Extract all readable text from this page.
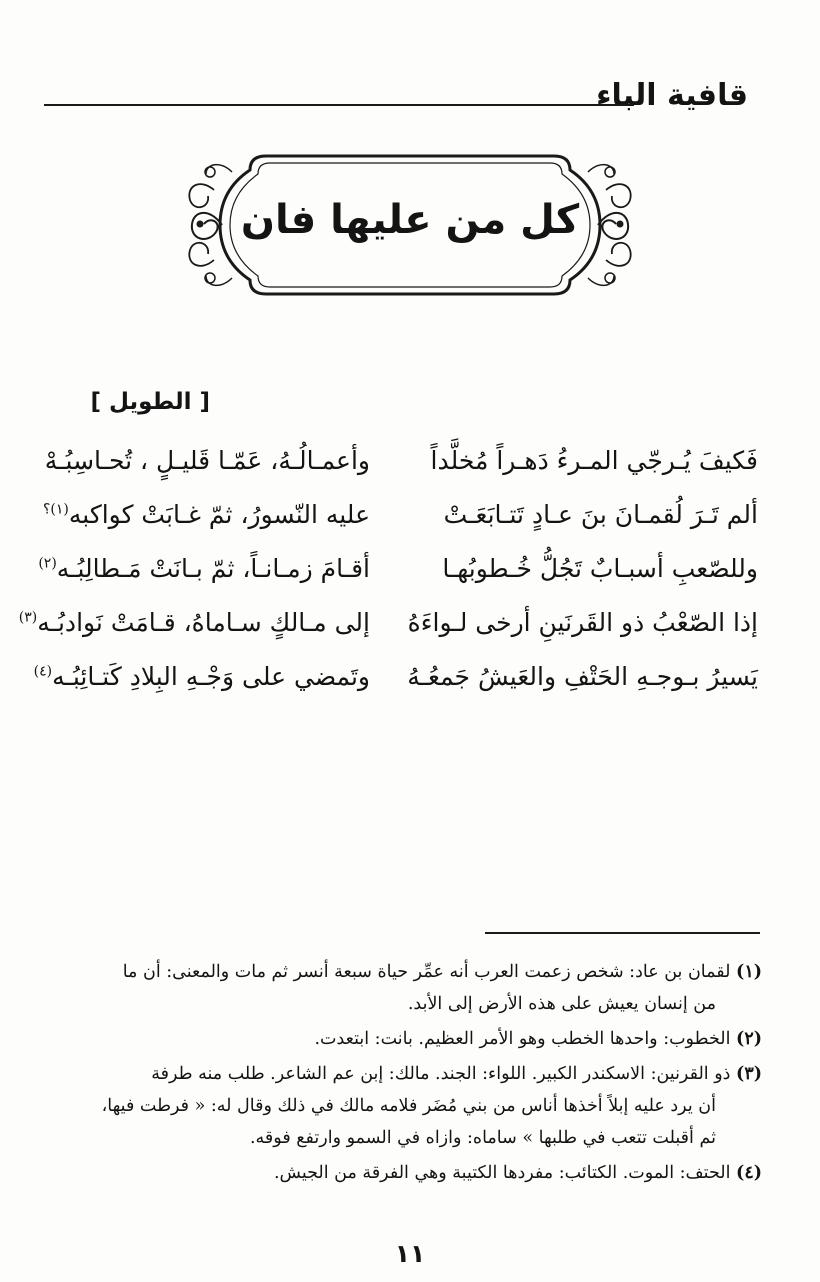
قافية الباء
كل من عليها فان
[ الطويل ]
فَكيفَ يُـرجّي المـرءُ دَهـراً مُخلَّداً
ألم تَـرَ لُقمـانَ بنَ عـادٍ تَتـابَعَـتْ
وللصّعبِ أسبـابٌ تَجُلُّ خُـطوبُهـا
إذا الصّعْبُ ذو القَرنَينِ أرخى لـواءَهُ
يَسيرُ بـوجـهِ الحَتْفِ والعَيشُ جَمعُـهُ
وأعمـالُـهُ، عَمّـا قَليـلٍ ، تُحـاسِبُـهْ
عليه النّسورُ، ثمّ غـابَتْ كواكبه$^{(١)؟}$
أقـامَ زمـانـاً، ثمّ بـانَتْ مَـطالِبُـه$^{(٢)}$
إلى مـالكٍ سـاماهُ، قـامَتْ نَوادبُـه$^{(٣)}$
وتَمضي على وَجْـهِ البِلادِ كَتـائِبُـه$^{(٤)}$
(١) لقمان بن عاد: شخص زعمت العرب أنه عمِّر حياة سبعة أنسر ثم مات والمعنى: أن ما
من إنسان يعيش على هذه الأرض إلى الأبد.
(٢) الخطوب: واحدها الخطب وهو الأمر العظيم. بانت: ابتعدت.
(٣) ذو القرنين: الاسكندر الكبير. اللواء: الجند. مالك: إبن عم الشاعر. طلب منه طرفة
أن يرد عليه إبلاً أخذها أناس من بني مُضَر فلامه مالك في ذلك وقال له: « فرطت فيها،
ثم أقبلت تتعب في طلبها » ساماه: وازاه في السمو وارتفع فوقه.
(٤) الحتف: الموت. الكتائب: مفردها الكتيبة وهي الفرقة من الجيش.
١١
